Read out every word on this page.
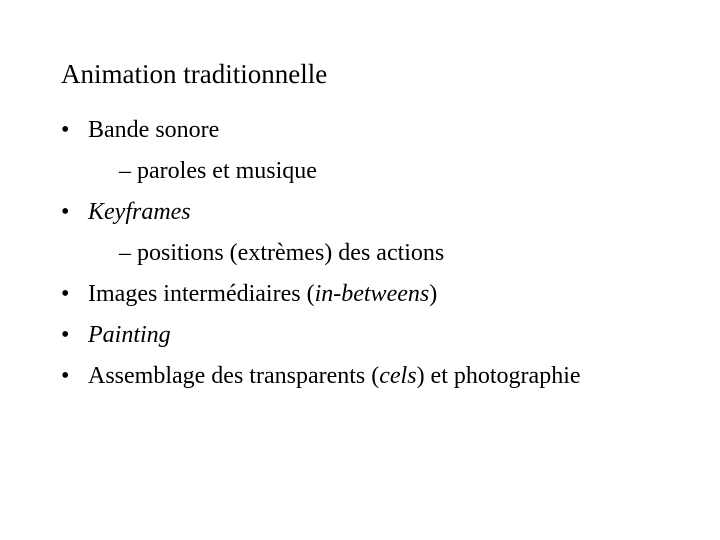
Animation traditionnelle
• Bande sonore
– paroles et musique
• Keyframes
– positions (extrèmes) des actions
• Images intermédiaires (in-betweens)
• Painting
• Assemblage des transparents (cels) et photographie
